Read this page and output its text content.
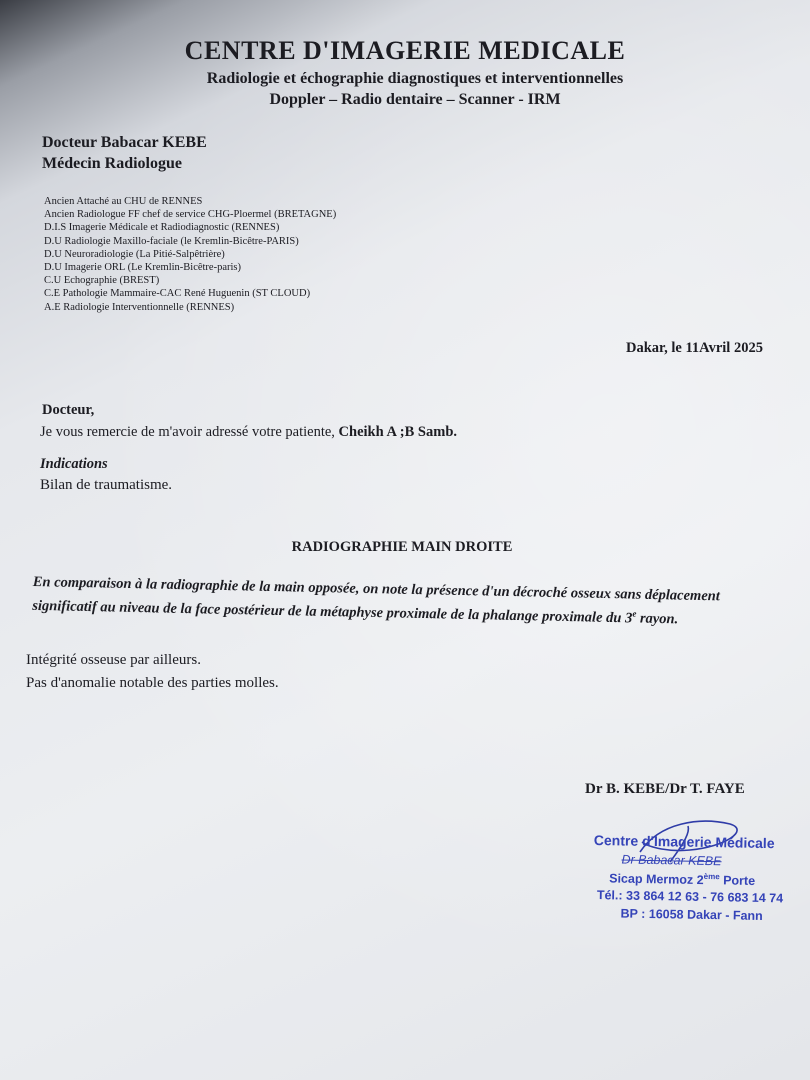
CENTRE D'IMAGERIE MEDICALE
Radiologie et échographie diagnostiques et interventionnelles
Doppler – Radio dentaire – Scanner - IRM
Docteur Babacar KEBE
Médecin Radiologue
Ancien Attaché au CHU de RENNES
Ancien Radiologue FF chef de service CHG-Ploermel (BRETAGNE)
D.I.S Imagerie Médicale et Radiodiagnostic (RENNES)
D.U Radiologie Maxillo-faciale (le Kremlin-Bicêtre-PARIS)
D.U Neuroradiologie (La Pitié-Salpêtrière)
D.U Imagerie ORL (Le Kremlin-Bicêtre-paris)
C.U Echographie (BREST)
C.E Pathologie Mammaire-CAC René Huguenin (ST CLOUD)
A.E Radiologie Interventionnelle (RENNES)
Dakar, le 11Avril 2025
Docteur,
Je vous remercie de m'avoir adressé votre patiente, Cheikh A ;B Samb.
Indications
Bilan de traumatisme.
RADIOGRAPHIE MAIN DROITE
En comparaison à la radiographie de la main opposée, on note la présence d'un décroché osseux sans déplacement significatif au niveau de la face postérieur de la métaphyse proximale de la phalange proximale du 3e rayon.
Intégrité osseuse par ailleurs.
Pas d'anomalie notable des parties molles.
Dr B. KEBE/Dr T. FAYE
Centre d'Imagerie Médicale
Dr Babacar KEBE
Sicap Mermoz 2ème Porte
Tél.: 33 864 12 63 - 76 683 14 74
BP : 16058 Dakar - Fann
